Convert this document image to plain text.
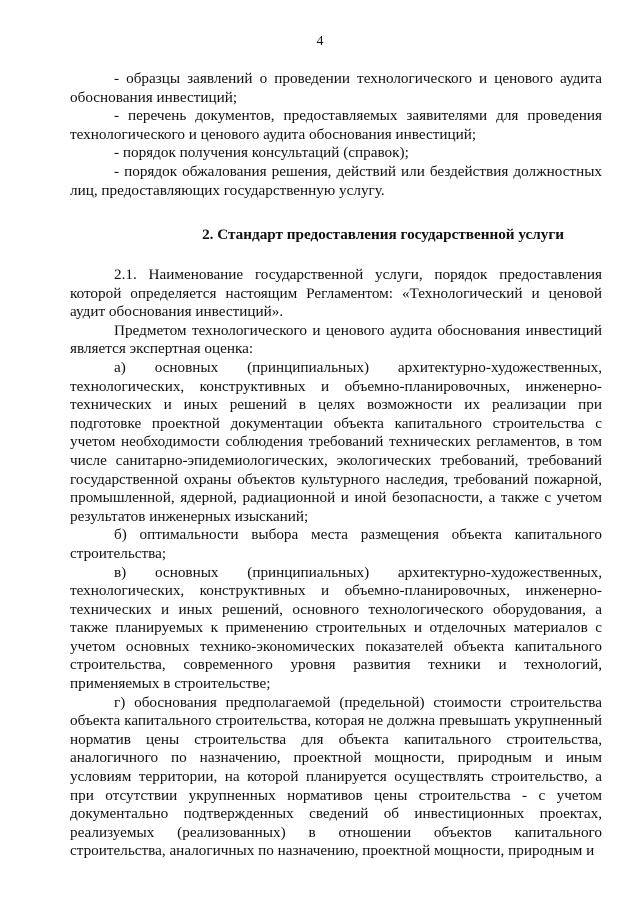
4

- образцы заявлений о проведении технологического и ценового аудита обоснования инвестиций;

- перечень документов, предоставляемых заявителями для проведения технологического и ценового аудита обоснования инвестиций;

- порядок получения консультаций (справок);

- порядок обжалования решения, действий или бездействия должностных лиц, предоставляющих государственную услугу.

2. Стандарт предоставления государственной услуги

2.1. Наименование государственной услуги, порядок предоставления которой определяется настоящим Регламентом: «Технологический и ценовой аудит обоснования инвестиций».

Предметом технологического и ценового аудита обоснования инвестиций является экспертная оценка:

а) основных (принципиальных) архитектурно-художественных, технологических, конструктивных и объемно-планировочных, инженерно-технических и иных решений в целях возможности их реализации при подготовке проектной документации объекта капитального строительства с учетом необходимости соблюдения требований технических регламентов, в том числе санитарно-эпидемиологических, экологических требований, требований государственной охраны объектов культурного наследия, требований пожарной, промышленной, ядерной, радиационной и иной безопасности, а также с учетом результатов инженерных изысканий;

б) оптимальности выбора места размещения объекта капитального строительства;

в) основных (принципиальных) архитектурно-художественных, технологических, конструктивных и объемно-планировочных, инженерно-технических и иных решений, основного технологического оборудования, а также планируемых к применению строительных и отделочных материалов с учетом основных технико-экономических показателей объекта капитального строительства, современного уровня развития техники и технологий, применяемых в строительстве;

г) обоснования предполагаемой (предельной) стоимости строительства объекта капитального строительства, которая не должна превышать укрупненный норматив цены строительства для объекта капитального строительства, аналогичного по назначению, проектной мощности, природным и иным условиям территории, на которой планируется осуществлять строительство, а при отсутствии укрупненных нормативов цены строительства - с учетом документально подтвержденных сведений об инвестиционных проектах, реализуемых (реализованных) в отношении объектов капитального строительства, аналогичных по назначению, проектной мощности, природным и
